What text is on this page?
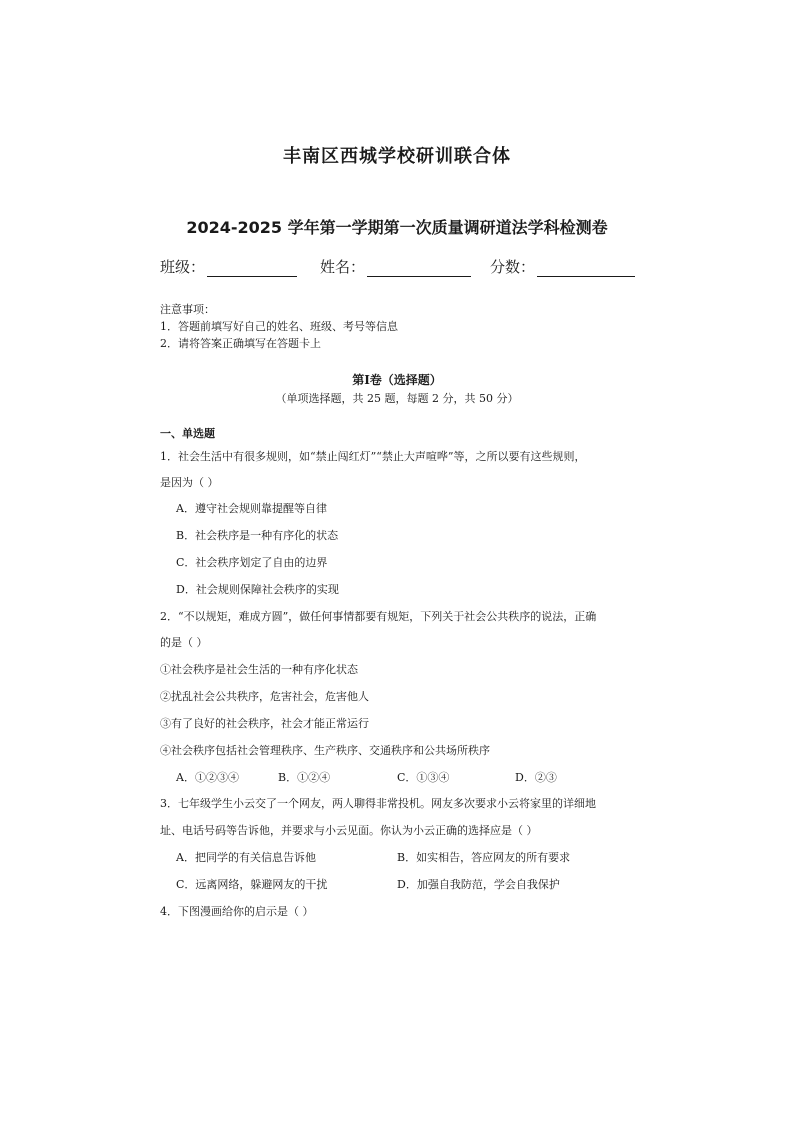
丰南区西城学校研训联合体
2024-2025 学年第一学期第一次质量调研道法学科检测卷
班级：	姓名：	分数：
注意事项：
1．答题前填写好自己的姓名、班级、考号等信息
2．请将答案正确填写在答题卡上
第Ⅰ卷（选择题）
（单项选择题，共 25 题，每题 2 分，共 50 分）
一、单选题
1．社会生活中有很多规则，如“禁止闯红灯”“禁止大声喧哗”等，之所以要有这些规则，
是因为（ ）
A．遵守社会规则靠提醒等自律
B．社会秩序是一种有序化的状态
C．社会秩序划定了自由的边界
D．社会规则保障社会秩序的实现
2．“不以规矩，难成方圆”，做任何事情都要有规矩，下列关于社会公共秩序的说法，正确
的是（ ）
①社会秩序是社会生活的一种有序化状态
②扰乱社会公共秩序，危害社会，危害他人
③有了良好的社会秩序，社会才能正常运行
④社会秩序包括社会管理秩序、生产秩序、交通秩序和公共场所秩序
A．①②③④	B．①②④	C．①③④	D．②③
3．七年级学生小云交了一个网友，两人聊得非常投机。网友多次要求小云将家里的详细地
址、电话号码等告诉他，并要求与小云见面。你认为小云正确的选择应是（ ）
A．把同学的有关信息告诉他	B．如实相告，答应网友的所有要求
C．远离网络，躲避网友的干扰	D．加强自我防范，学会自我保护
4．下图漫画给你的启示是（ ）
